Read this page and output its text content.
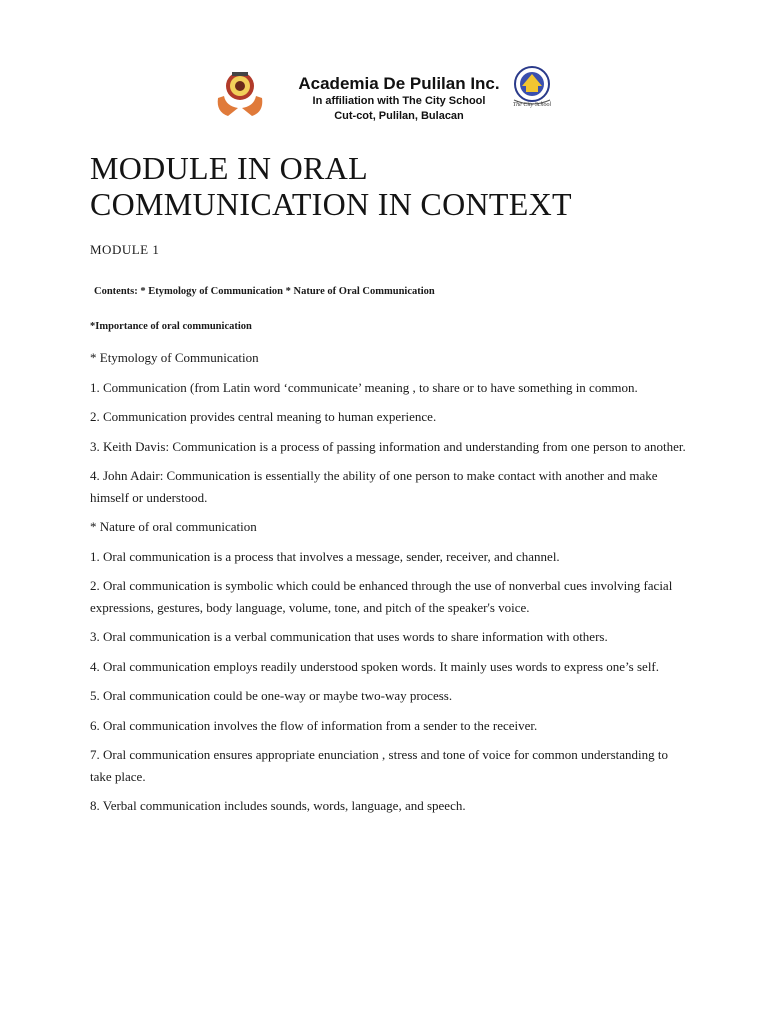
Academia De Pulilan Inc.
In affiliation with The City School
Cut-cot, Pulilan, Bulacan
The City School
MODULE IN ORAL
COMMUNICATION IN CONTEXT
MODULE 1
Contents: * Etymology of Communication * Nature of Oral Communication
*Importance of oral communication

* Etymology of Communication

1. Communication (from Latin word ‘communicate’ meaning , to share or to have something in common.

2. Communication provides central meaning to human experience.

3. Keith Davis: Communication is a process of passing information and understanding from one person to another.

4. John Adair: Communication is essentially the ability of one person to make contact with another and make himself or understood.

* Nature of oral communication

1. Oral communication is a process that involves a message, sender, receiver, and channel.

2. Oral communication is symbolic which could be enhanced through the use of nonverbal cues involving facial expressions, gestures, body language, volume, tone, and pitch of the speaker's voice.

3. Oral communication is a verbal communication that uses words to share information with others.

4. Oral communication employs readily understood spoken words. It mainly uses words to express one’s self.

5. Oral communication could be one-way or maybe two-way process.

6. Oral communication involves the flow of information from a sender to the receiver.

7. Oral communication ensures appropriate enunciation , stress and tone of voice for common understanding to take place.

8. Verbal communication includes sounds, words, language, and speech.
